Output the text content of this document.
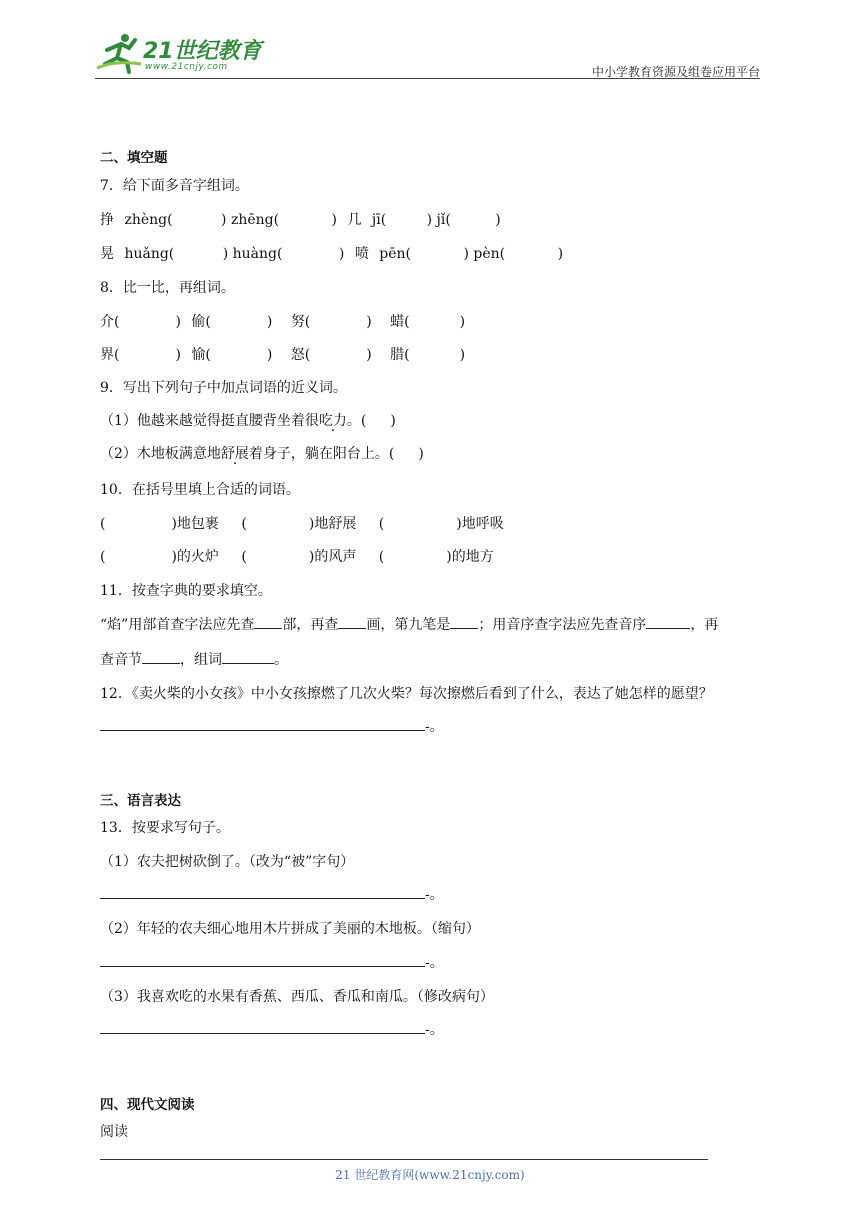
21世纪教育
www.21cnjy.com	中小学教育资源及组卷应用平台
二、填空题
7．给下面多音字组词。
挣 zhèng(	) zhēng(	) 几 jī(	) jǐ(	)
晃 huǎng(	) huàng(	) 喷 pēn(	) pèn(	)
8．比一比，再组词。
介(	) 偷(	) 努(	) 蜡(	)
界(	) 愉(	) 怒(	) 腊(	)
9．写出下列句子中加点词语的近义词。
（1）他越来越觉得挺直腰背坐着很吃力。( )
（2）木地板满意地舒展着身子，躺在阳台上。( )
10．在括号里填上合适的词语。
(	)地包裹 (	)地舒展 (	)地呼吸
(	)的火炉 (	)的风声 (	)的地方
11．按查字典的要求填空。
“焰”用部首查字法应先查 部，再查 画，第九笔是 ；用音序查字法应先查音序	，再
查音节	，组词	。
12．《卖火柴的小女孩》中小女孩擦燃了几次火柴？每次擦燃后看到了什么，表达了她怎样的愿望？
-。
三、语言表达
13．按要求写句子。
（1）农夫把树砍倒了。（改为“被”字句）
-。
（2）年轻的农夫细心地用木片拼成了美丽的木地板。（缩句）
-。
（3）我喜欢吃的水果有香蕉、西瓜、香瓜和南瓜。（修改病句）
-。
四、现代文阅读
阅读
21 世纪教育网(www.21cnjy.com)
